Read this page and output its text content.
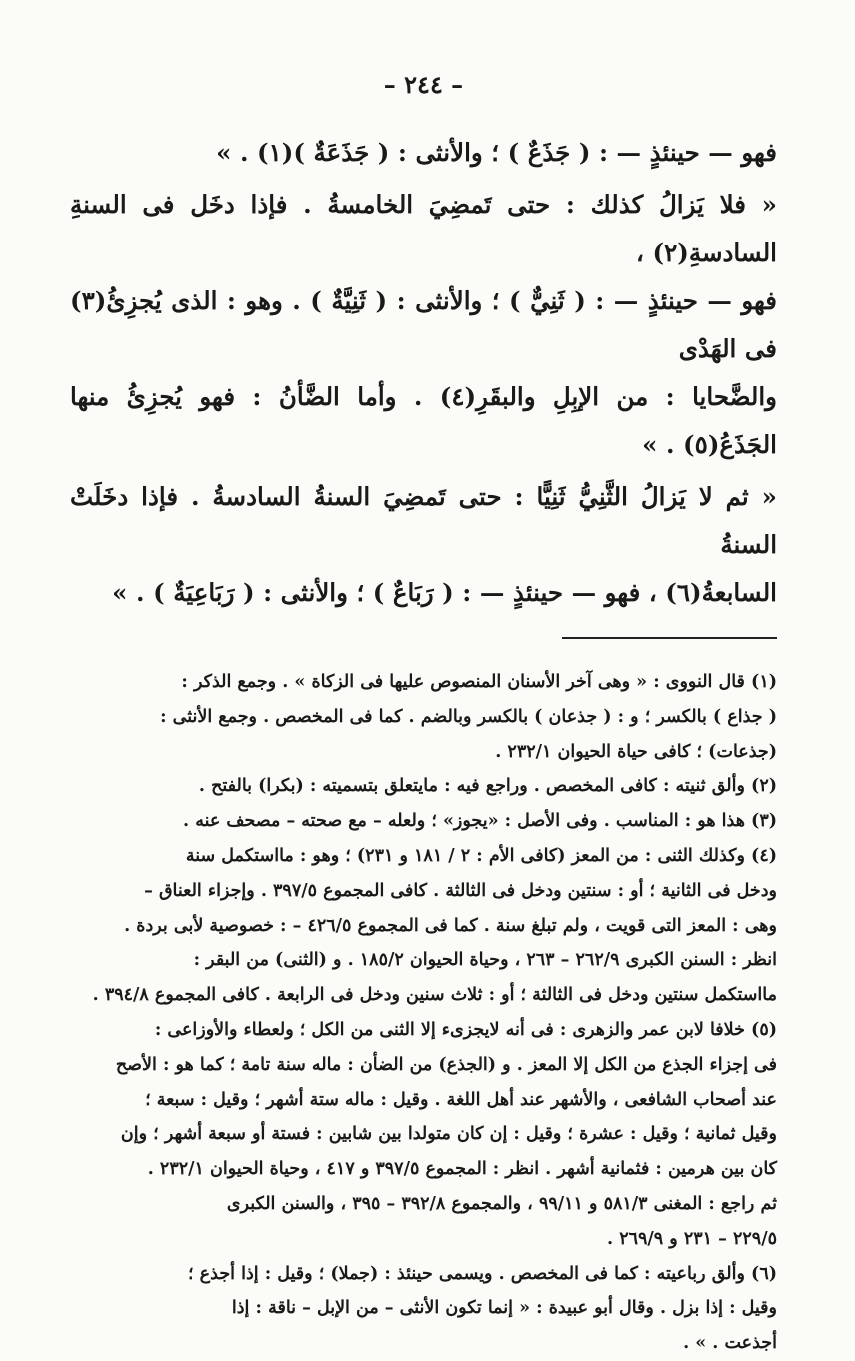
– ٢٤٤ –

فهو — حينئذٍ — : ( جَذَعٌ ) ؛ والأنثى : ( جَذَعَةٌ )(١) . »

« فلا يَزالُ كذلك : حتى تَمضِيَ الخامسةُ . فإذا دخَل فى السنةِ السادسةِ(٢) ،

فهو — حينئذٍ — : ( ثَنِيٌّ ) ؛ والأنثى : ( ثَنِيَّةٌ ) . وهو : الذى يُجزِئُ(٣) فى الهَدْى

والضَّحايا : من الإبِلِ والبقَرِ(٤) . وأما الضَّأنُ : فهو يُجزِئُ منها الجَذَعُ(٥) . »

« ثم لا يَزالُ الثَّنِيُّ ثَنِيًّا : حتى تَمضِيَ السنةُ السادسةُ . فإذا دخَلَتْ السنةُ

السابعةُ(٦) ، فهو — حينئذٍ — : ( رَبَاعٌ ) ؛ والأنثى : ( رَبَاعِيَةٌ ) . »

(١) قال النووى : « وهى آخر الأسنان المنصوص عليها فى الزكاة » . وجمع الذكر :

( جذاع ) بالكسر ؛ و : ( جذعان ) بالكسر وبالضم . كما فى المخصص . وجمع الأنثى :

(جذعات) ؛ كافى حياة الحيوان ٢٣٢/١ .

(٢) وألق ثنيته : كافى المخصص . وراجع فيه : مايتعلق بتسميته : (بكرا) بالفتح .

(٣) هذا هو : المناسب . وفى الأصل : «يجوز» ؛ ولعله – مع صحته – مصحف عنه .

(٤) وكذلك الثنى : من المعز (كافى الأم : ٢ / ١٨١ و ٢٣١) ؛ وهو : مااستكمل سنة

ودخل فى الثانية ؛ أو : سنتين ودخل فى الثالثة . كافى المجموع ٣٩٧/٥ . وإجزاء العناق –

وهى : المعز التى قويت ، ولم تبلغ سنة . كما فى المجموع ٤٢٦/٥ – : خصوصية لأبى بردة .

انظر : السنن الكبرى ٢٦٢/٩ – ٢٦٣ ، وحياة الحيوان ١٨٥/٢ . و (الثنى) من البقر :

مااستكمل سنتين ودخل فى الثالثة ؛ أو : ثلاث سنين ودخل فى الرابعة . كافى المجموع ٣٩٤/٨ .

(٥) خلافا لابن عمر والزهرى : فى أنه لايجزىء إلا الثنى من الكل ؛ ولعطاء والأوزاعى :

فى إجزاء الجذع من الكل إلا المعز . و (الجذع) من الضأن : ماله سنة تامة ؛ كما هو : الأصح

عند أصحاب الشافعى ، والأشهر عند أهل اللغة . وقيل : ماله ستة أشهر ؛ وقيل : سبعة ؛

وقيل ثمانية ؛ وقيل : عشرة ؛ وقيل : إن كان متولدا بين شابين : فستة أو سبعة أشهر ؛ وإن

كان بين هرمين : فثمانية أشهر . انظر : المجموع ٣٩٧/٥ و ٤١٧ ، وحياة الحيوان ٢٣٢/١ .

ثم راجع : المغنى ٥٨١/٣ و ٩٩/١١ ، والمجموع ٣٩٢/٨ – ٣٩٥ ، والسنن الكبرى

٢٢٩/٥ – ٢٣١ و ٢٦٩/٩ .

(٦) وألق رباعيته : كما فى المخصص . ويسمى حينئذ : (جملا) ؛ وقيل : إذا أجذع ؛

وقيل : إذا بزل . وقال أبو عبيدة : « إنما تكون الأنثى – من الإبل – ناقة : إذا

أجذعت . » .
